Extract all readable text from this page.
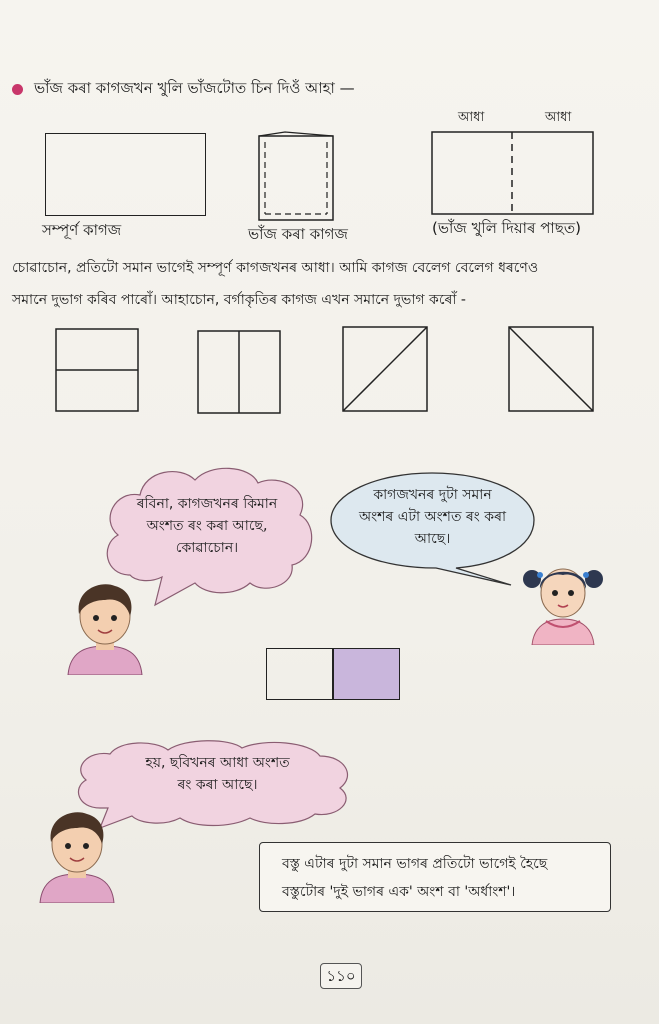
ভাঁজ কৰা কাগজখন খুলি ভাঁজটোত চিন দিওঁ আহা —
আধা	আধা
সম্পূৰ্ণ কাগজ	ভাঁজ কৰা কাগজ	(ভাঁজ খুলি দিয়াৰ পাছত)
চোৱাচোন, প্ৰতিটো সমান ভাগেই সম্পূৰ্ণ কাগজখনৰ আধা। আমি কাগজ বেলেগ বেলেগ ধৰণেও
সমানে দুভাগ কৰিব পাৰোঁ। আহাচোন, বৰ্গাকৃতিৰ কাগজ এখন সমানে দুভাগ কৰোঁ -
ৰবিনা, কাগজখনৰ কিমান
অংশত ৰং কৰা আছে,
কোৱাচোন।
কাগজখনৰ দুটা সমান
অংশৰ এটা অংশত ৰং কৰা
আছে।
হয়, ছবিখনৰ আধা অংশত
ৰং কৰা আছে।
বস্তু এটাৰ দুটা সমান ভাগৰ প্ৰতিটো ভাগেই হৈছে
বস্তুটোৰ 'দুই ভাগৰ এক' অংশ বা 'অৰ্ধাংশ'।
১১০
